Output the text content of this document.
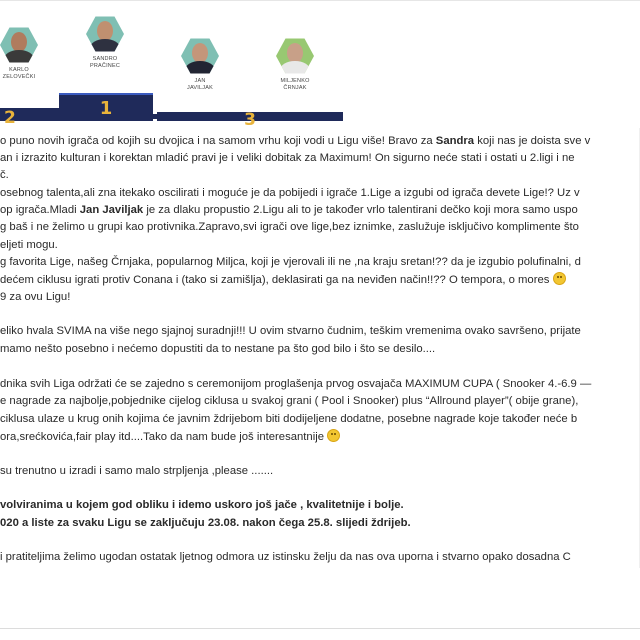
KARLO
ZELOVEČKI
SANDRO
PRAČINEC
JAN
JAVILJAK
MILJENKO
ČRNJAK
2	1
3

o puno novih igrača od kojih su dvojica i na samom vrhu koji vodi u Ligu više! Bravo za Sandra koji nas je doista sve v

an i izrazito kulturan i korektan mladić pravi je i veliki dobitak za Maximum! On sigurno neće stati i ostati u 2.ligi i ne

č.

osebnog talenta,ali zna itekako oscilirati i moguće je da pobijedi i igrače 1.Lige a izgubi od igrača devete Lige!? Uz v

op igrača.Mladi Jan Javiljak je za dlaku propustio 2.Ligu ali to je također vrlo talentirani dečko koji mora samo uspo

g baš i ne želimo u grupi kao protivnika.Zapravo,svi igrači ove lige,bez iznimke, zaslužuje isključivo komplimente što

eljeti mogu.

g favorita Lige, našeg Črnjaka, popularnog Miljca, koji je vjerovali ili ne ,na kraju sretan!?? da je izgubio polufinalni, d

dećem ciklusu igrati protiv Conana i (tako si zamišlja), deklasirati ga na neviđen način!!?? O tempora, o mores

9 za ovu Ligu!

eliko hvala SVIMA na više nego sjajnoj suradnji!!! U ovim stvarno čudnim, teškim vremenima ovako savršeno, prijate

mamo nešto posebno i nećemo dopustiti da to nestane pa što god bilo i što se desilo....

dnika svih Liga održati će se zajedno s ceremonijom proglašenja prvog osvajača MAXIMUM CUPA ( Snooker 4.-6.9 —

e nagrade za najbolje,pobjednike cijelog ciklusa u svakoj grani ( Pool i Snooker) plus “Allround player”( obije grane),

ciklusa ulaze u krug onih kojima će javnim ždrijebom biti dodijeljene dodatne, posebne nagrade koje također neće b

ora,srećkovića,fair play itd....Tako da nam bude još interesantnije

su trenutno u izradi i samo malo strpljenja ,please .......

volviranima u kojem god obliku i idemo uskoro još jače , kvalitetnije i bolje.

020 a liste za svaku Ligu se zaključuju 23.08. nakon čega 25.8. slijedi ždrijeb.

i pratiteljima želimo ugodan ostatak ljetnog odmora uz istinsku želju da nas ova uporna i stvarno opako dosadna C
